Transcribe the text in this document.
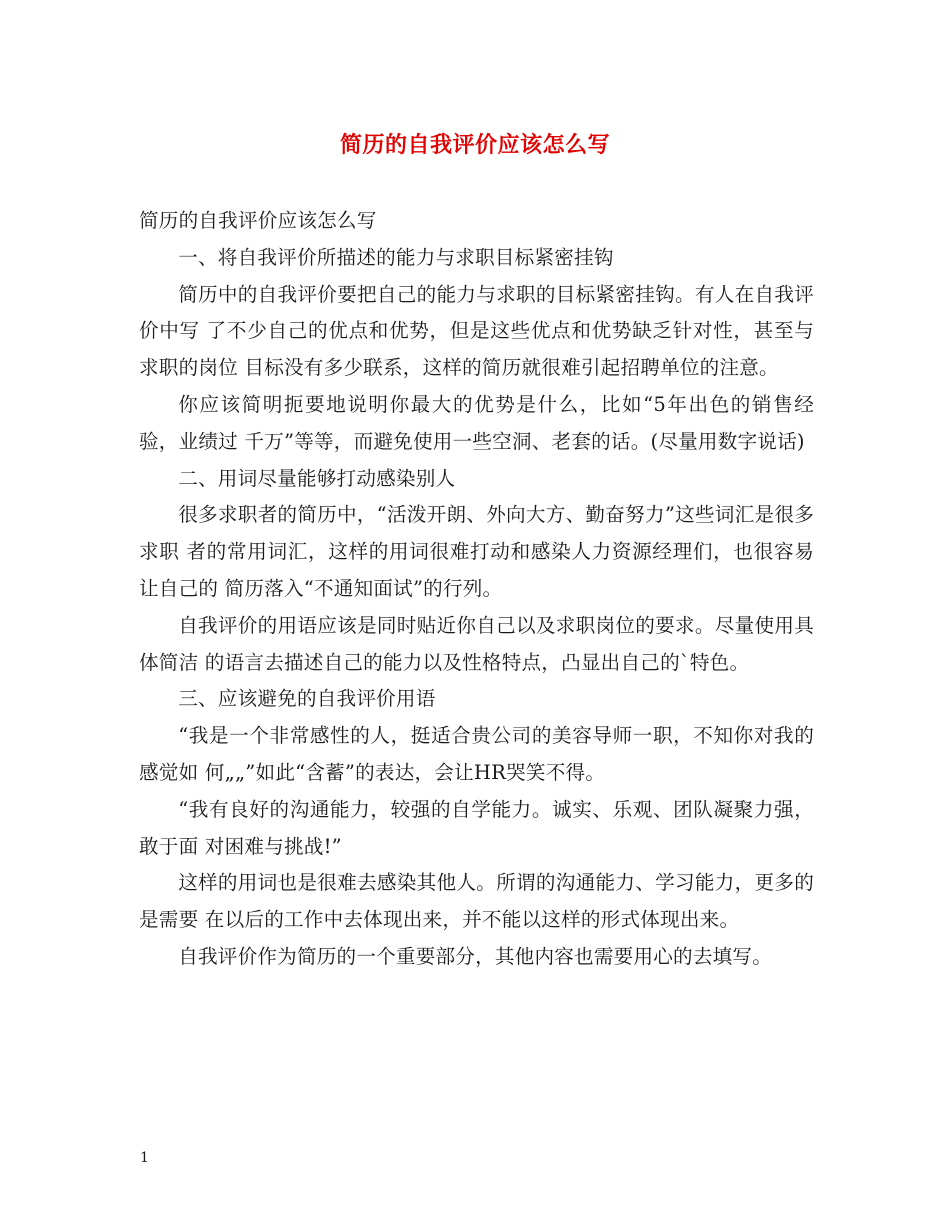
简历的自我评价应该怎么写

简历的自我评价应该怎么写

一、将自我评价所描述的能力与求职目标紧密挂钩

简历中的自我评价要把自己的能力与求职的目标紧密挂钩。有人在自我评价中写 了不少自己的优点和优势，但是这些优点和优势缺乏针对性，甚至与求职的岗位 目标没有多少联系，这样的简历就很难引起招聘单位的注意。

你应该简明扼要地说明你最大的优势是什么，比如“5年出色的销售经验，业绩过 千万”等等，而避免使用一些空洞、老套的话。(尽量用数字说话)

二、用词尽量能够打动感染别人

很多求职者的简历中，“活泼开朗、外向大方、勤奋努力”这些词汇是很多求职 者的常用词汇，这样的用词很难打动和感染人力资源经理们，也很容易让自己的 简历落入“不通知面试”的行列。

自我评价的用语应该是同时贴近你自己以及求职岗位的要求。尽量使用具体简洁 的语言去描述自己的能力以及性格特点，凸显出自己的`特色。

三、应该避免的自我评价用语

“我是一个非常感性的人，挺适合贵公司的美容导师一职，不知你对我的感觉如 何„„”如此“含蓄”的表达，会让HR哭笑不得。

“我有良好的沟通能力，较强的自学能力。诚实、乐观、团队凝聚力强，敢于面 对困难与挑战!”

这样的用词也是很难去感染其他人。所谓的沟通能力、学习能力，更多的是需要 在以后的工作中去体现出来，并不能以这样的形式体现出来。

自我评价作为简历的一个重要部分，其他内容也需要用心的去填写。

1
